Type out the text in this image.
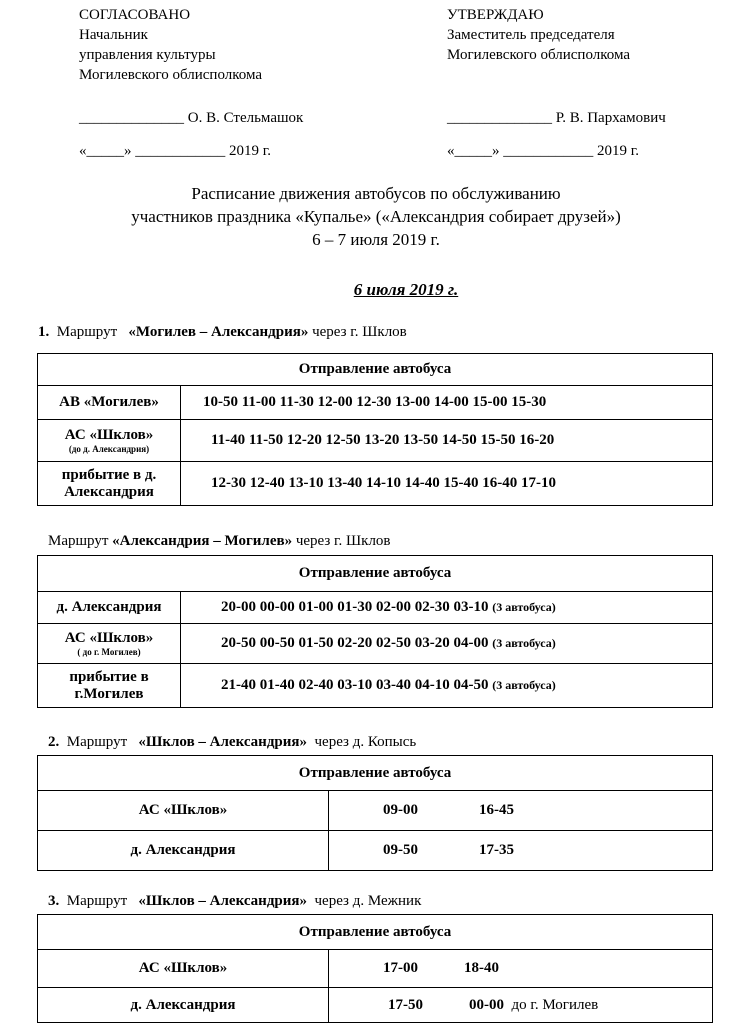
СОГЛАСОВАНО
Начальник
управления культуры
Могилевского облисполкома
______________ О. В. Стельмашок
«_____» ____________ 2019 г.
УТВЕРЖДАЮ
Заместитель председателя
Могилевского облисполкома
______________ Р. В. Пархамович
«_____» ____________ 2019 г.
Расписание движения автобусов по обслуживанию
участников праздника «Купалье» («Александрия собирает друзей»)
6 – 7 июля 2019 г.
6 июля 2019 г.
1. Маршрут «Могилев – Александрия» через г. Шклов
Отправление автобуса	
АВ «Могилев»	10-50 11-00 11-30 12-00 12-30 13-00 14-00 15-00 15-30
АС «Шклов»
(до д. Александрия)	11-40 11-50 12-20 12-50 13-20 13-50 14-50 15-50 16-20
прибытие в д. Александрия	12-30 12-40 13-10 13-40 14-10 14-40 15-40 16-40 17-10
Маршрут «Александрия – Могилев» через г. Шклов
Отправление автобуса	
д. Александрия	20-00 00-00 01-00 01-30 02-00 02-30 03-10 (3 автобуса)
АС «Шклов»
( до г. Могилев)	20-50 00-50 01-50 02-20 02-50 03-20 04-00 (3 автобуса)
прибытие в г.Могилев	21-40 01-40 02-40 03-10 03-40 04-10 04-50 (3 автобуса)
2. Маршрут «Шклов – Александрия» через д. Копысь
Отправление автобуса	
АС «Шклов»	09-00 16-45
д. Александрия	09-50 17-35
3. Маршрут «Шклов – Александрия» через д. Межник
Отправление автобуса	
АС «Шклов»	17-00 18-40
д. Александрия	17-50 00-00 до г. Могилев
